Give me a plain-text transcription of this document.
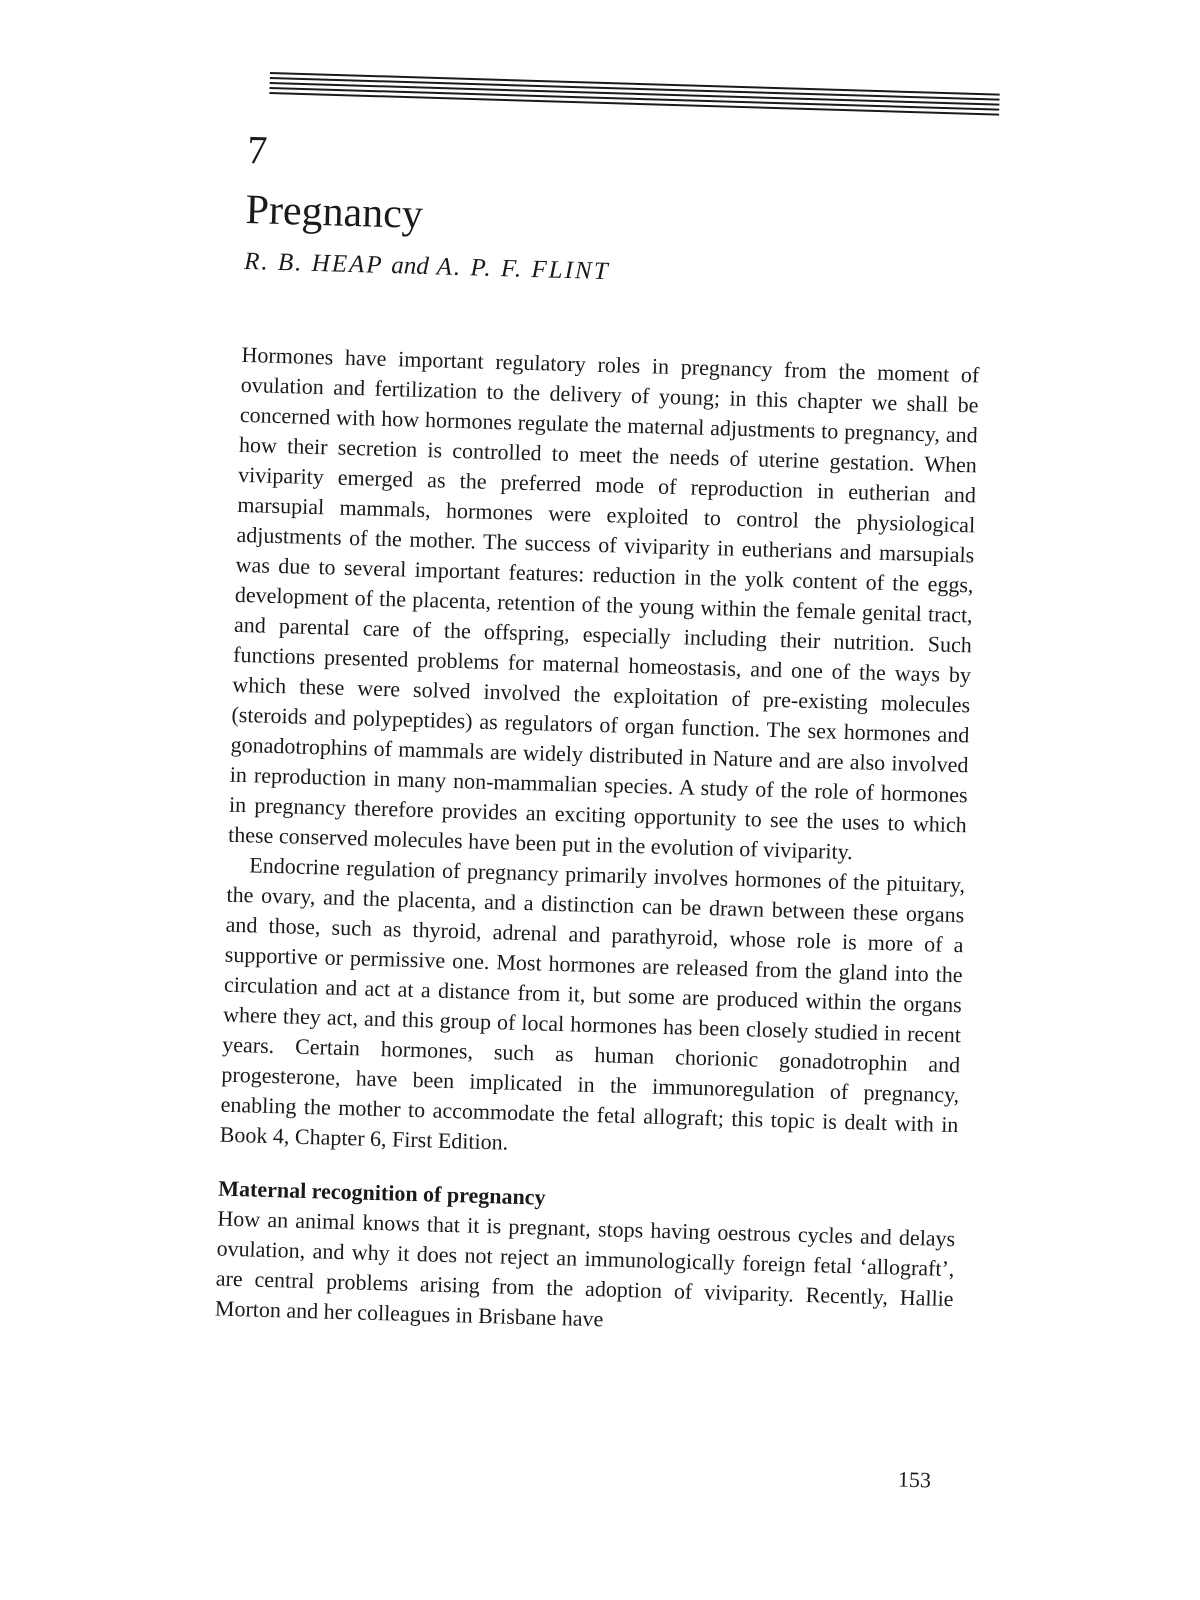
7
Pregnancy
R. B. HEAP and A. P. F. FLINT

Hormones have important regulatory roles in pregnancy from the moment of ovulation and fertilization to the delivery of young; in this chapter we shall be concerned with how hormones regulate the maternal adjustments to pregnancy, and how their secretion is controlled to meet the needs of uterine gestation. When viviparity emerged as the preferred mode of reproduction in eutherian and marsupial mammals, hormones were exploited to control the physiological adjustments of the mother. The success of viviparity in eutherians and marsupials was due to several important features: reduction in the yolk content of the eggs, development of the placenta, retention of the young within the female genital tract, and parental care of the offspring, especially including their nutrition. Such functions presented problems for maternal homeostasis, and one of the ways by which these were solved involved the exploitation of pre-existing molecules (steroids and polypeptides) as regulators of organ function. The sex hormones and gonadotrophins of mammals are widely distributed in Nature and are also involved in reproduction in many non-mammalian species. A study of the role of hormones in pregnancy therefore provides an exciting opportunity to see the uses to which these conserved molecules have been put in the evolution of viviparity.

Endocrine regulation of pregnancy primarily involves hormones of the pituitary, the ovary, and the placenta, and a distinction can be drawn between these organs and those, such as thyroid, adrenal and parathyroid, whose role is more of a supportive or permissive one. Most hormones are released from the gland into the circulation and act at a distance from it, but some are produced within the organs where they act, and this group of local hormones has been closely studied in recent years. Certain hormones, such as human chorionic gonadotrophin and progesterone, have been implicated in the immunoregulation of pregnancy, enabling the mother to accommodate the fetal allograft; this topic is dealt with in Book 4, Chapter 6, First Edition.

Maternal recognition of pregnancy

How an animal knows that it is pregnant, stops having oestrous cycles and delays ovulation, and why it does not reject an immunologically foreign fetal ‘allograft’, are central problems arising from the adoption of viviparity. Recently, Hallie Morton and her colleagues in Brisbane have

153
